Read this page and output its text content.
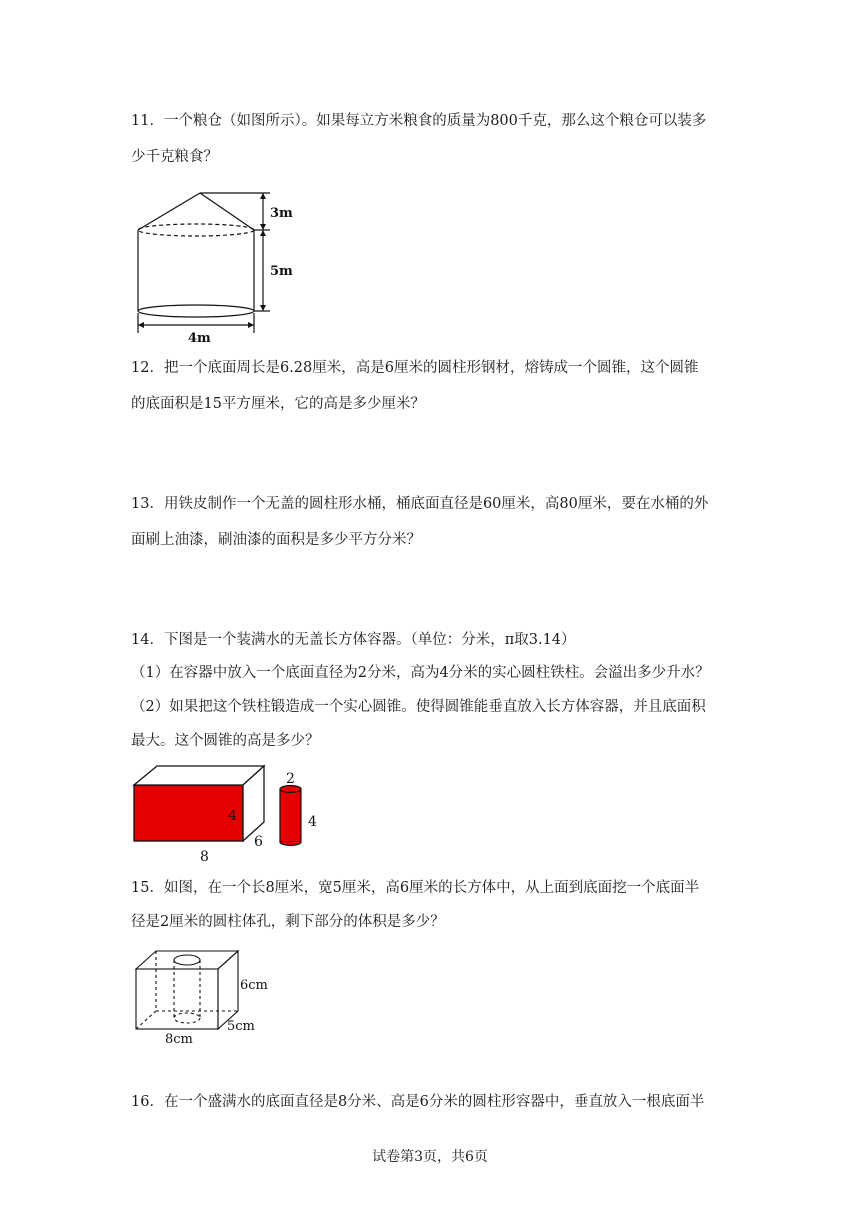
11．一个粮仓（如图所示）。如果每立方米粮食的质量为800千克，那么这个粮仓可以装多
少千克粮食？
3m
5m
4m
12．把一个底面周长是6.28厘米，高是6厘米的圆柱形钢材，熔铸成一个圆锥，这个圆锥
的底面积是15平方厘米，它的高是多少厘米？
13．用铁皮制作一个无盖的圆柱形水桶，桶底面直径是60厘米，高80厘米，要在水桶的外
面刷上油漆，刷油漆的面积是多少平方分米？
14．下图是一个装满水的无盖长方体容器。（单位：分米，π取3.14）
（1）在容器中放入一个底面直径为2分米，高为4分米的实心圆柱铁柱。会溢出多少升水？
（2）如果把这个铁柱锻造成一个实心圆锥。使得圆锥能垂直放入长方体容器，并且底面积
最大。这个圆锥的高是多少？
4
6
8
2
4
15．如图，在一个长8厘米，宽5厘米，高6厘米的长方体中，从上面到底面挖一个底面半
径是2厘米的圆柱体孔，剩下部分的体积是多少？
6cm
5cm
8cm
16．在一个盛满水的底面直径是8分米、高是6分米的圆柱形容器中，垂直放入一根底面半
试卷第3页，共6页
